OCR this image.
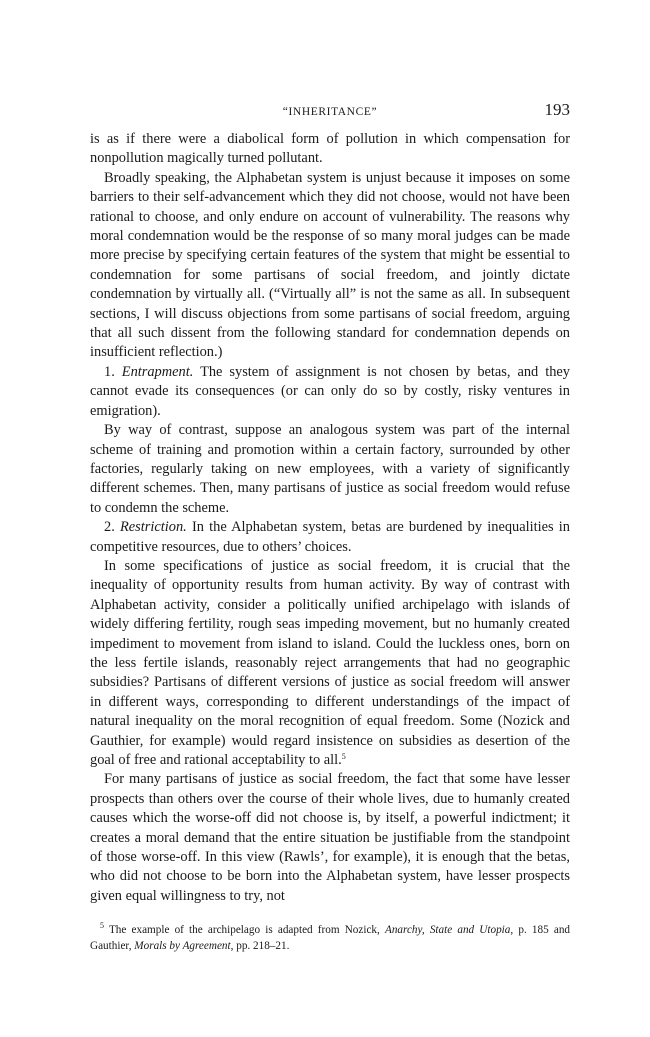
“INHERITANCE”	193

is as if there were a diabolical form of pollution in which compensation for nonpollution magically turned pollutant.

Broadly speaking, the Alphabetan system is unjust because it imposes on some barriers to their self-advancement which they did not choose, would not have been rational to choose, and only endure on account of vulnerability. The reasons why moral condemnation would be the response of so many moral judges can be made more precise by specifying certain features of the system that might be essential to condemnation for some partisans of social freedom, and jointly dictate condemnation by virtually all. (“Virtually all” is not the same as all. In subsequent sections, I will discuss objections from some partisans of social freedom, arguing that all such dissent from the following standard for condemnation depends on insufficient reflection.)

1. Entrapment. The system of assignment is not chosen by betas, and they cannot evade its consequences (or can only do so by costly, risky ventures in emigration).

By way of contrast, suppose an analogous system was part of the internal scheme of training and promotion within a certain factory, surrounded by other factories, regularly taking on new employees, with a variety of significantly different schemes. Then, many partisans of justice as social freedom would refuse to condemn the scheme.

2. Restriction. In the Alphabetan system, betas are burdened by inequalities in competitive resources, due to others’ choices.

In some specifications of justice as social freedom, it is crucial that the inequality of opportunity results from human activity. By way of contrast with Alphabetan activity, consider a politically unified archipelago with islands of widely differing fertility, rough seas impeding movement, but no humanly created impediment to movement from island to island. Could the luckless ones, born on the less fertile islands, reasonably reject arrangements that had no geographic subsidies? Partisans of different versions of justice as social freedom will answer in different ways, corresponding to different understandings of the impact of natural inequality on the moral recognition of equal freedom. Some (Nozick and Gauthier, for example) would regard insistence on subsidies as desertion of the goal of free and rational acceptability to all.$^5$

For many partisans of justice as social freedom, the fact that some have lesser prospects than others over the course of their whole lives, due to humanly created causes which the worse-off did not choose is, by itself, a powerful indictment; it creates a moral demand that the entire situation be justifiable from the standpoint of those worse-off. In this view (Rawls’, for example), it is enough that the betas, who did not choose to be born into the Alphabetan system, have lesser prospects given equal willingness to try, not

$^5$ The example of the archipelago is adapted from Nozick, Anarchy, State and Utopia, p. 185 and Gauthier, Morals by Agreement, pp. 218–21.
